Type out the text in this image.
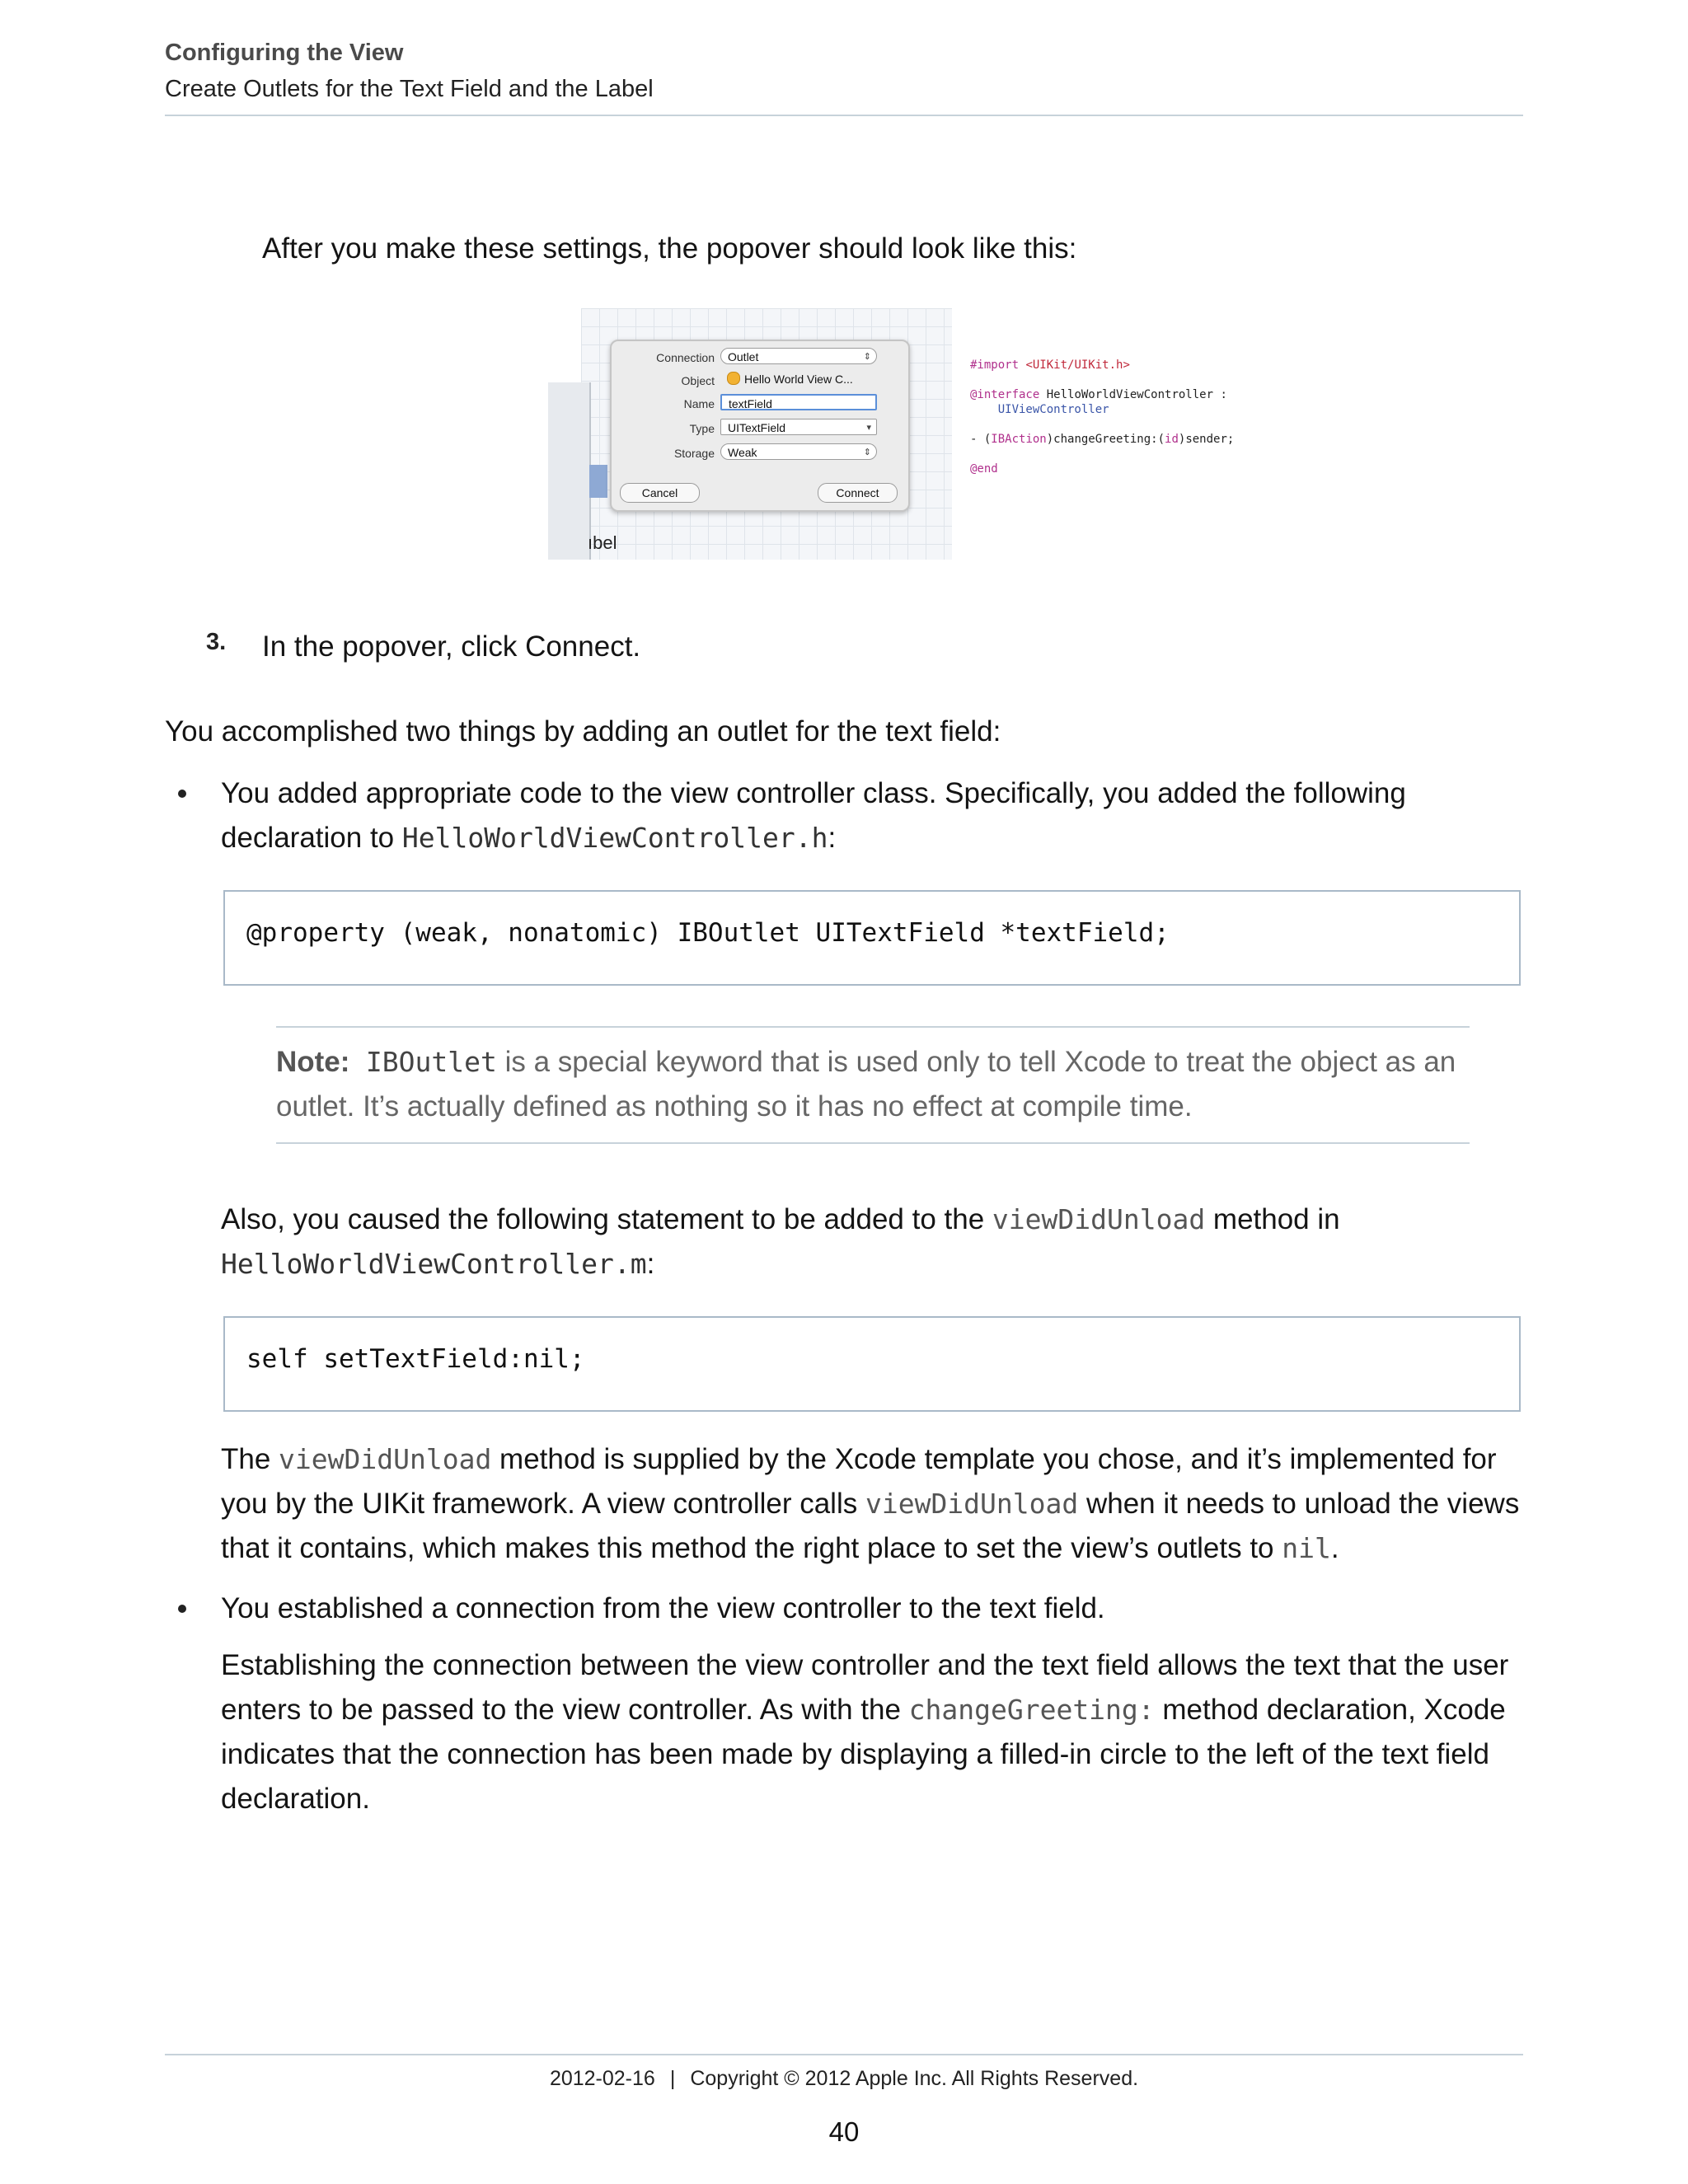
Configuring the View
Create Outlets for the Text Field and the Label

After you make these settings, the popover should look like this:

ıbel
Connection	Outlet	⇕
Object	Hello World View C...
Name	textField
Type	UITextField	▾
Storage	Weak	⇕
Cancel	Connect
#import <UIKit/UIKit.h>

@interface HelloWorldViewController :
UIViewController

- (IBAction)changeGreeting:(id)sender;

@end
3. In the popover, click Connect.

You accomplished two things by adding an outlet for the text field:

You added appropriate code to the view controller class. Specifically, you added the following declaration to HelloWorldViewController.h:

@property (weak, nonatomic) IBOutlet UITextField *textField;

Note: IBOutlet is a special keyword that is used only to tell Xcode to treat the object as an outlet. It’s actually defined as nothing so it has no effect at compile time.

Also, you caused the following statement to be added to the viewDidUnload method in
HelloWorldViewController.m:

self setTextField:nil;

The viewDidUnload method is supplied by the Xcode template you chose, and it’s implemented for you by the UIKit framework. A view controller calls viewDidUnload when it needs to unload the views that it contains, which makes this method the right place to set the view’s outlets to nil.

You established a connection from the view controller to the text field.

Establishing the connection between the view controller and the text field allows the text that the user enters to be passed to the view controller. As with the changeGreeting: method declaration, Xcode indicates that the connection has been made by displaying a filled-in circle to the left of the text field declaration.

2012-02-16 | Copyright © 2012 Apple Inc. All Rights Reserved.
40
